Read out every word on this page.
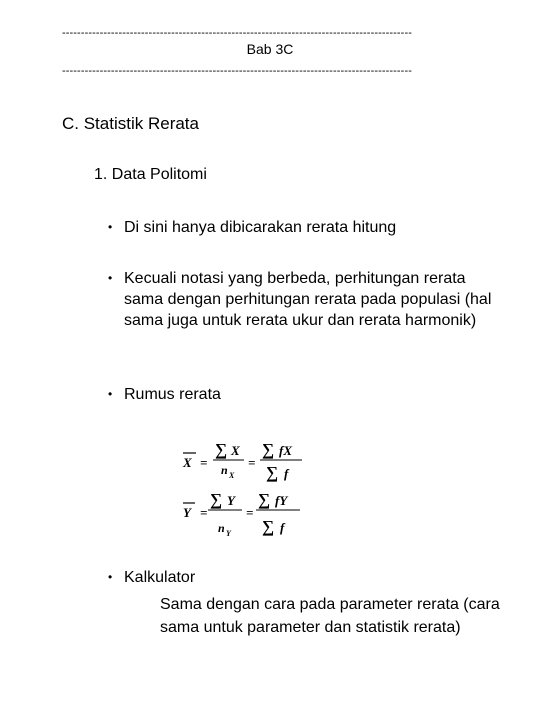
---------------------------------------------------------------------------------------------
Bab 3C
---------------------------------------------------------------------------------------------
C. Statistik Rerata
1. Data Politomi
• Di sini hanya dibicarakan rerata hitung
• Kecuali notasi yang berbeda, perhitungan rerata sama dengan perhitungan rerata pada populasi (hal sama juga untuk rerata ukur dan rerata harmonik)
• Rumus rerata
X =
∑ X
n X
=
∑ fX
∑ f
Y =
∑ Y
n Y
=
∑ fY
∑ f
• Kalkulator
Sama dengan cara pada parameter rerata (cara sama untuk parameter dan statistik rerata)
